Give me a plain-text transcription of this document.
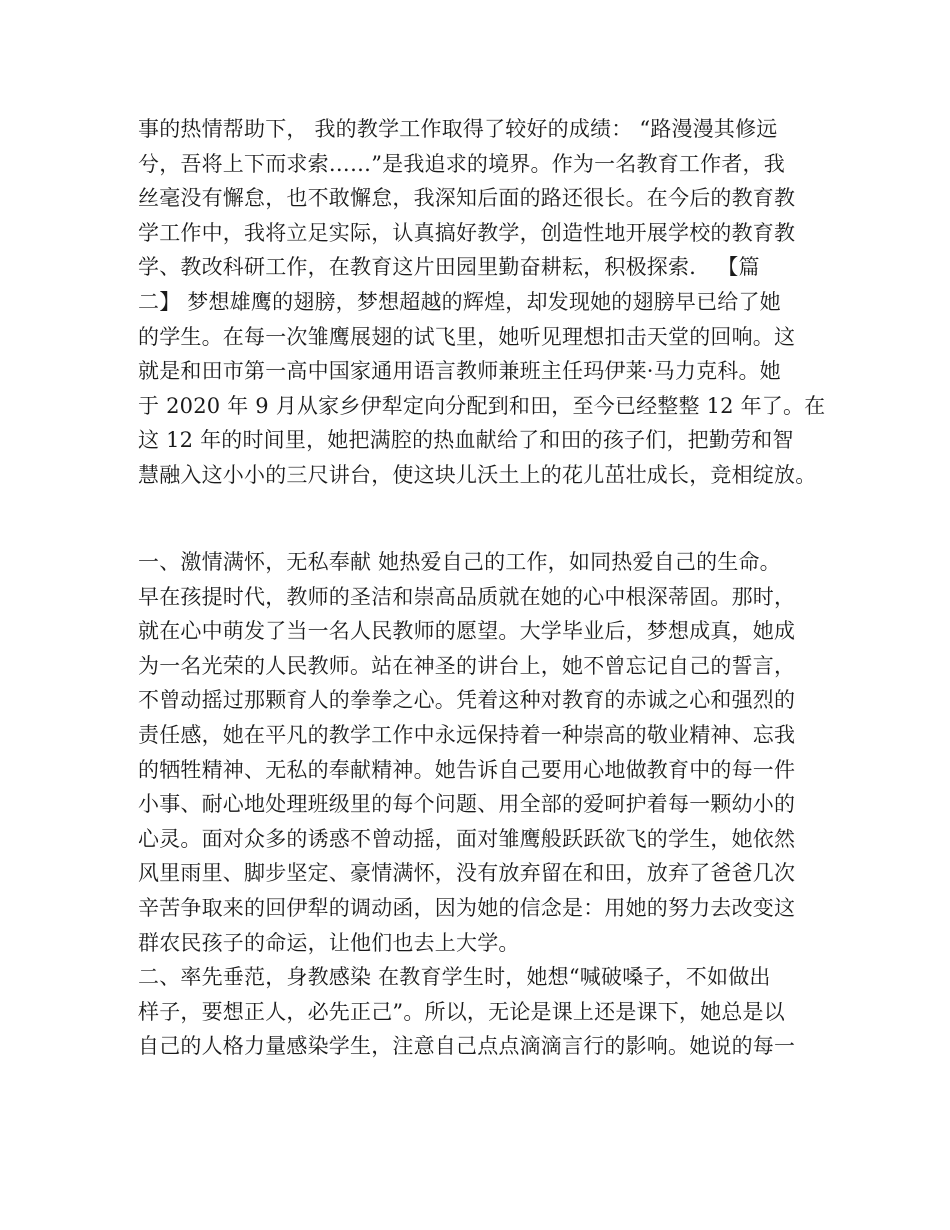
事的热情帮助下， 我的教学工作取得了较好的成绩： “路漫漫其修远
兮，吾将上下而求索……”是我追求的境界。作为一名教育工作者，我
丝毫没有懈怠，也不敢懈怠，我深知后面的路还很长。在今后的教育教
学工作中，我将立足实际，认真搞好教学，创造性地开展学校的教育教
学、教改科研工作，在教育这片田园里勤奋耕耘，积极探索． 【篇
二】 梦想雄鹰的翅膀，梦想超越的辉煌，却发现她的翅膀早已给了她
的学生。在每一次雏鹰展翅的试飞里，她听见理想扣击天堂的回响。这
就是和田市第一高中国家通用语言教师兼班主任玛伊莱·马力克科。她
于 2020 年 9 月从家乡伊犁定向分配到和田，至今已经整整 12 年了。在
这 12 年的时间里，她把满腔的热血献给了和田的孩子们，把勤劳和智
慧融入这小小的三尺讲台，使这块儿沃土上的花儿茁壮成长，竞相绽放。
一、激情满怀，无私奉献 她热爱自己的工作，如同热爱自己的生命。
早在孩提时代，教师的圣洁和崇高品质就在她的心中根深蒂固。那时，
就在心中萌发了当一名人民教师的愿望。大学毕业后，梦想成真，她成
为一名光荣的人民教师。站在神圣的讲台上，她不曾忘记自己的誓言，
不曾动摇过那颗育人的拳拳之心。凭着这种对教育的赤诚之心和强烈的
责任感，她在平凡的教学工作中永远保持着一种崇高的敬业精神、忘我
的牺牲精神、无私的奉献精神。她告诉自己要用心地做教育中的每一件
小事、耐心地处理班级里的每个问题、用全部的爱呵护着每一颗幼小的
心灵。面对众多的诱惑不曾动摇，面对雏鹰般跃跃欲飞的学生，她依然
风里雨里、脚步坚定、豪情满怀，没有放弃留在和田，放弃了爸爸几次
辛苦争取来的回伊犁的调动函，因为她的信念是：用她的努力去改变这
群农民孩子的命运，让他们也去上大学。
二、率先垂范，身教感染 在教育学生时，她想“喊破嗓子，不如做出
样子，要想正人，必先正己”。所以，无论是课上还是课下，她总是以
自己的人格力量感染学生，注意自己点点滴滴言行的影响。她说的每一
